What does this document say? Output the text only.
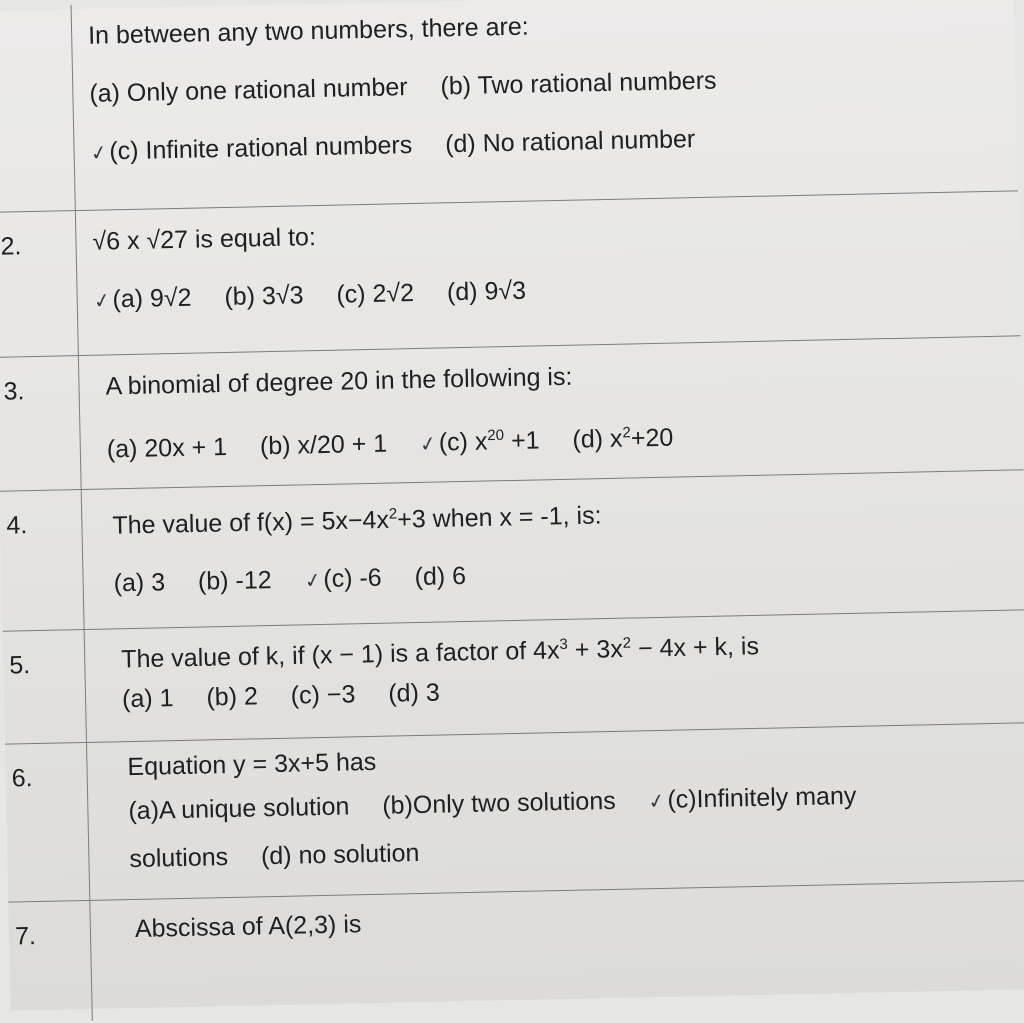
In between any two numbers, there are:
(a) Only one rational number (b) Two rational numbers
✓(c) Infinite rational numbers (d) No rational number
2.	√6 x √27 is equal to:
✓(a) 9√2 (b) 3√3 (c) 2√2 (d) 9√3
3.	A binomial of degree 20 in the following is:
(a) 20x + 1 (b) x/20 + 1 ✓(c) $x^{20} +1$ (d) $x^2+20$
4.	The value of $f(x) = 5x-4x^2+3$ when x = -1, is:
(a) 3 (b) -12 ✓(c) -6 (d) 6
5.	The value of k, if (x − 1) is a factor of $4x^3 + 3x^2 - 4x + k$, is
(a) 1 (b) 2 (c) −3 (d) 3
6.	Equation y = 3x+5 has
(a)A unique solution (b)Only two solutions ✓(c)Infinitely many
solutions (d) no solution
7.	Abscissa of A(2,3) is
